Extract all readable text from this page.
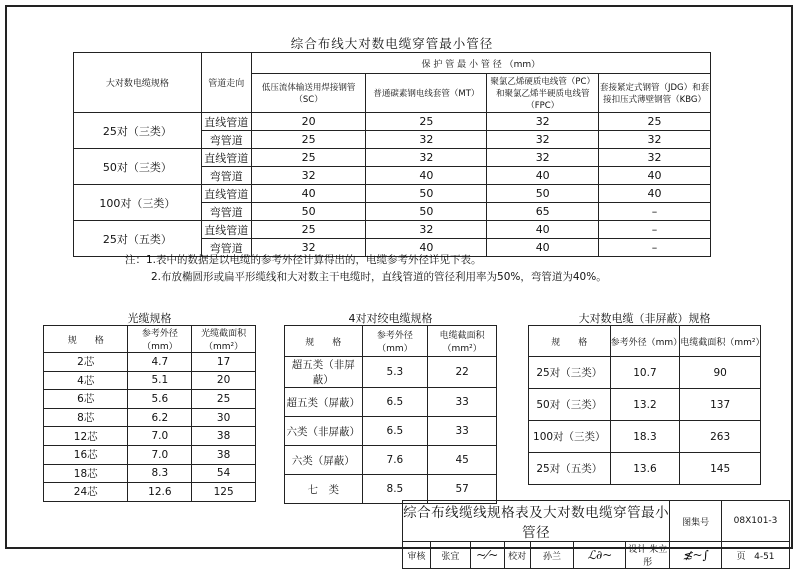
综合布线大对数电缆穿管最小管径
大对数电缆规格	管道走向	保 护 管 最 小 管 径 （mm）			
		低压流体输送用焊接钢管（SC）	普通碳素钢电线套管（MT）	聚氯乙烯硬质电线管（PC）和聚氯乙烯半硬质电线管（FPC）	套接紧定式钢管（JDG）和套接扣压式薄壁钢管（KBG）
25对（三类）	直线管道	20	25	32	25
	弯管道	25	32	32	32
50对（三类）	直线管道	25	32	32	32
	弯管道	32	40	40	40
100对（三类）	直线管道	40	50	50	40
	弯管道	50	50	65	–
25对（五类）	直线管道	25	32	40	–
	弯管道	32	40	40	–
注：1.表中的数据是以电缆的参考外径计算得出的，电缆参考外径详见下表。
2.布放椭圆形或扁平形缆线和大对数主干电缆时，直线管道的管径利用率为50%，弯管道为40%。
光缆规格
规　　格	参考外径（mm）	光缆截面积（mm²）
2芯	4.7	17
4芯	5.1	20
6芯	5.6	25
8芯	6.2	30
12芯	7.0	38
16芯	7.0	38
18芯	8.3	54
24芯	12.6	125
4对对绞电缆规格
规　　格	参考外径（mm）	电缆截面积（mm²）
超五类（非屏蔽）	5.3	22
超五类（屏蔽）	6.5	33
六类（非屏蔽）	6.5	33
六类（屏蔽）	7.6	45
七　类	8.5	57
大对数电缆（非屏蔽）规格
规　　格	参考外径（mm）	电缆截面积（mm²）
25对（三类）	10.7	90
50对（三类）	13.2	137
100对（三类）	18.3	263
25对（五类）	13.6	145
综合布线缆线规格表及大对数电缆穿管最小管径							图集号	08X101-3
审核	张宜	~⁄~	校对	孙兰	ℒ∂~	设计 朱立彤	≴~∫	页 4-51
